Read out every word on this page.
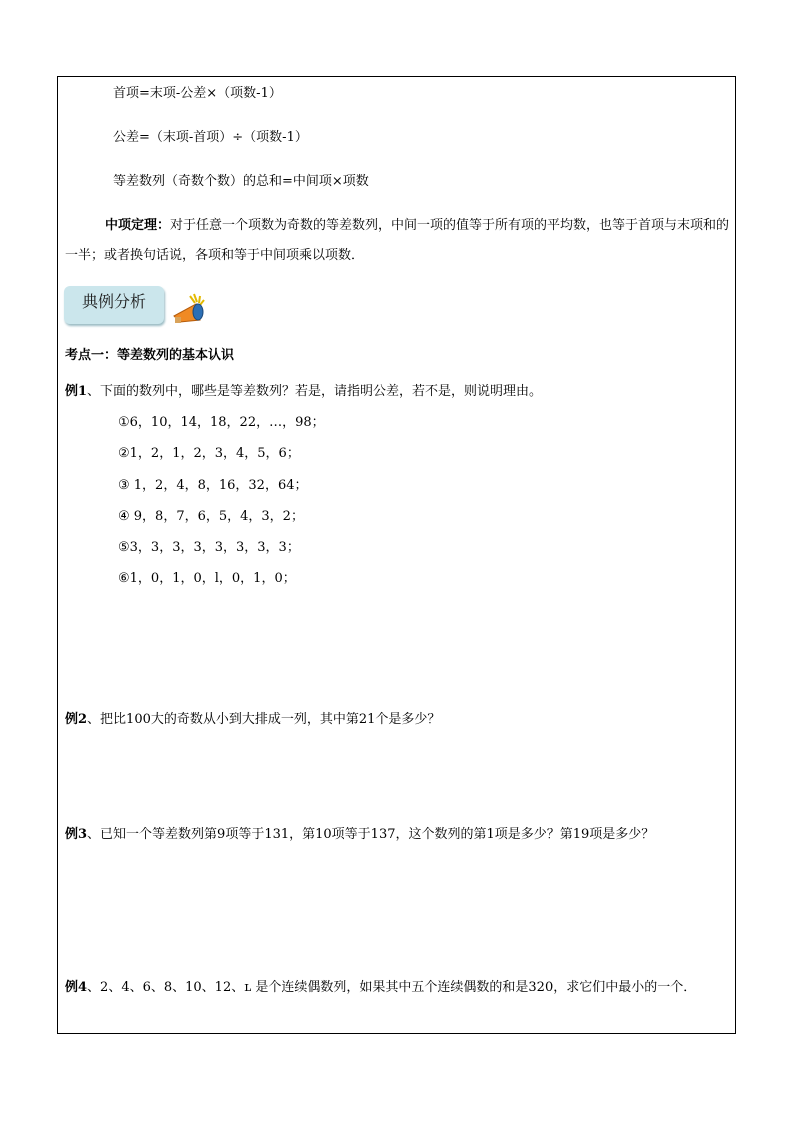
首项=末项-公差×（项数-1）
公差=（末项-首项）÷（项数-1）
等差数列（奇数个数）的总和=中间项×项数
中项定理：对于任意一个项数为奇数的等差数列，中间一项的值等于所有项的平均数，也等于首项与末项和的一半；或者换句话说，各项和等于中间项乘以项数．
典例分析
考点一：等差数列的基本认识
例1、下面的数列中，哪些是等差数列？若是，请指明公差，若不是，则说明理由。
①6，10，14，18，22，…，98；
②1，2，1，2，3，4，5，6；
③ 1，2，4，8，16，32，64；
④ 9，8，7，6，5，4，3，2；
⑤3，3，3，3，3，3，3，3；
⑥1，0，1，0，l，0，1，0；
例2、把比100大的奇数从小到大排成一列，其中第21个是多少？
例3、已知一个等差数列第9项等于131，第10项等于137，这个数列的第1项是多少？第19项是多少？
例4、2、4、6、8、10、12、ʟ 是个连续偶数列，如果其中五个连续偶数的和是320，求它们中最小的一个．
